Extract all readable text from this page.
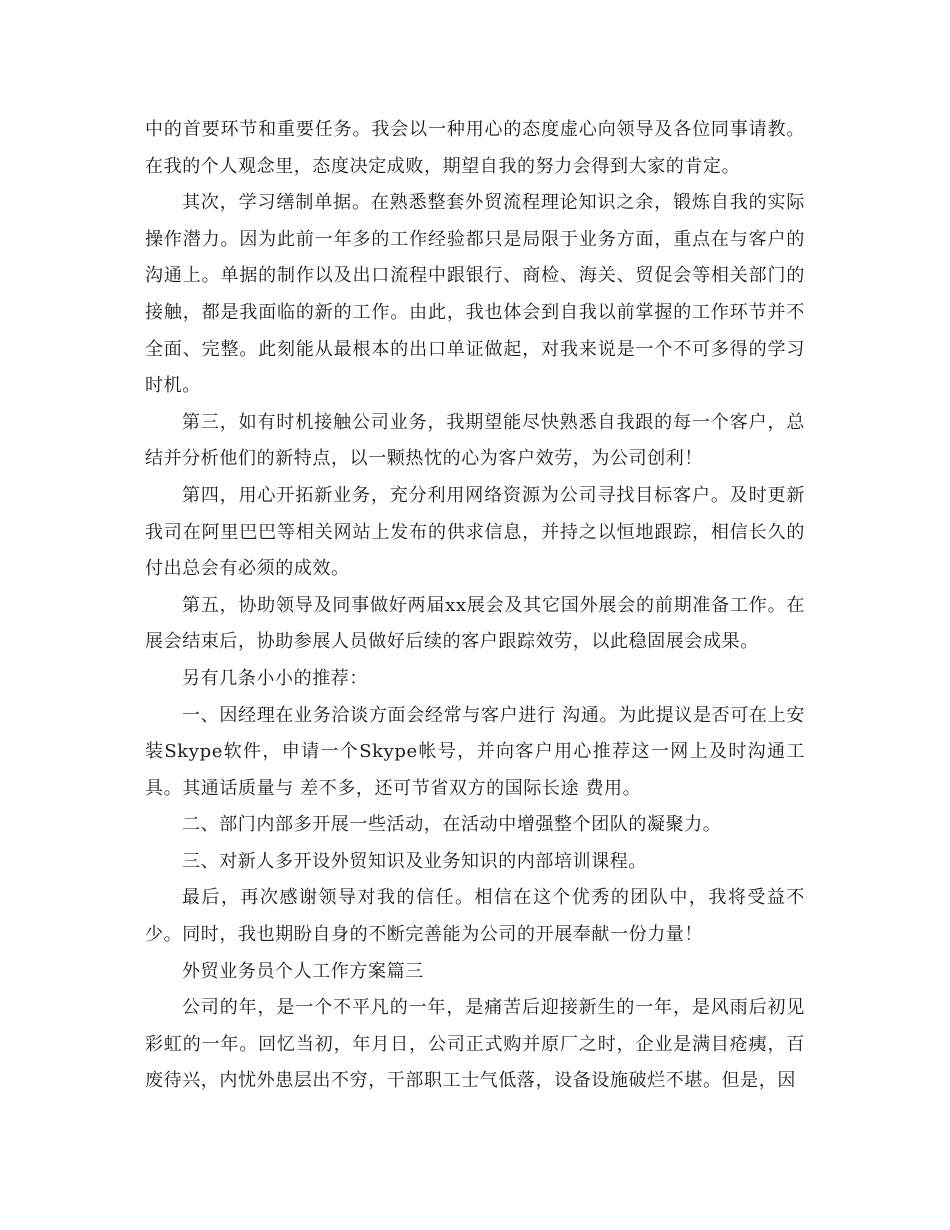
中的首要环节和重要任务。我会以一种用心的态度虚心向领导及各位同事请教。在我的个人观念里，态度决定成败，期望自我的努力会得到大家的肯定。

其次，学习缮制单据。在熟悉整套外贸流程理论知识之余，锻炼自我的实际操作潜力。因为此前一年多的工作经验都只是局限于业务方面，重点在与客户的沟通上。单据的制作以及出口流程中跟银行、商检、海关、贸促会等相关部门的接触，都是我面临的新的工作。由此，我也体会到自我以前掌握的工作环节并不全面、完整。此刻能从最根本的出口单证做起，对我来说是一个不可多得的学习时机。

第三，如有时机接触公司业务，我期望能尽快熟悉自我跟的每一个客户，总结并分析他们的新特点，以一颗热忱的心为客户效劳，为公司创利！

第四，用心开拓新业务，充分利用网络资源为公司寻找目标客户。及时更新我司在阿里巴巴等相关网站上发布的供求信息，并持之以恒地跟踪，相信长久的付出总会有必须的成效。

第五，协助领导及同事做好两届xx展会及其它国外展会的前期准备工作。在展会结束后，协助参展人员做好后续的客户跟踪效劳，以此稳固展会成果。

另有几条小小的推荐：

一、因经理在业务洽谈方面会经常与客户进行 沟通。为此提议是否可在上安装Skype软件，申请一个Skype帐号，并向客户用心推荐这一网上及时沟通工具。其通话质量与 差不多，还可节省双方的国际长途 费用。

二、部门内部多开展一些活动，在活动中增强整个团队的凝聚力。

三、对新人多开设外贸知识及业务知识的内部培训课程。

最后，再次感谢领导对我的信任。相信在这个优秀的团队中，我将受益不少。同时，我也期盼自身的不断完善能为公司的开展奉献一份力量！

外贸业务员个人工作方案篇三

公司的年，是一个不平凡的一年，是痛苦后迎接新生的一年，是风雨后初见彩虹的一年。回忆当初，年月日，公司正式购并原厂之时，企业是满目疮痍，百废待兴，内忧外患层出不穷，干部职工士气低落，设备设施破烂不堪。但是，因
